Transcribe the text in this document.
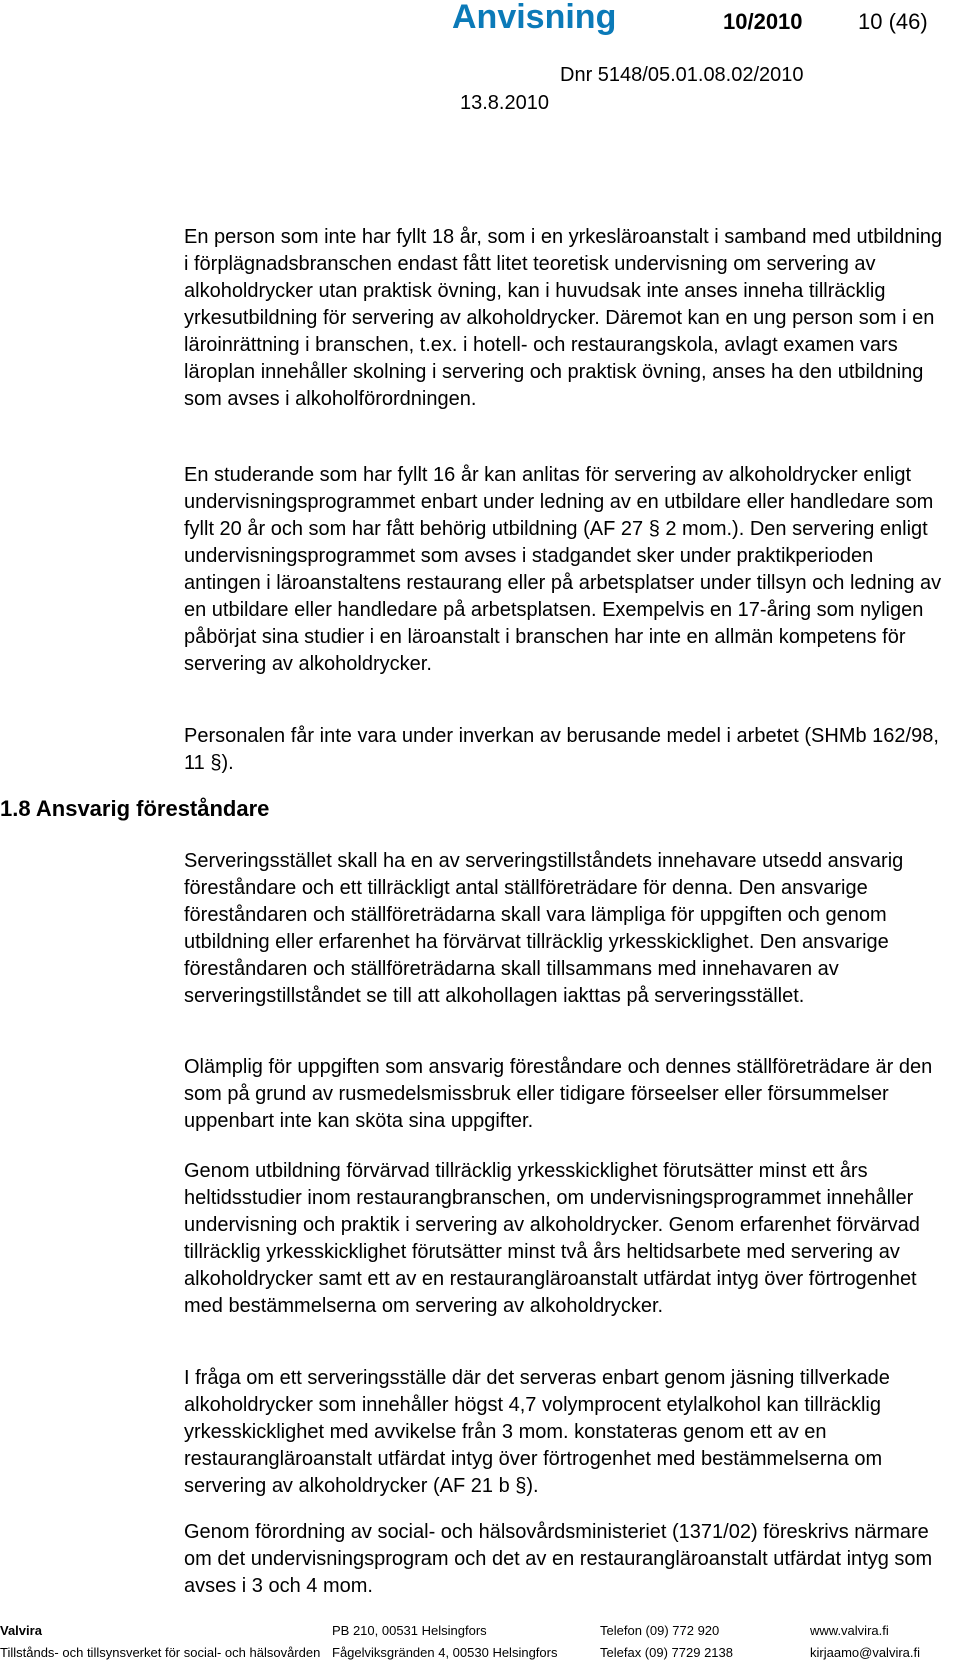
Anvisning	10/2010	10 (46)
Dnr 5148/05.01.08.02/2010
13.8.2010

En person som inte har fyllt 18 år, som i en yrkesläroanstalt i samband med utbildning i förplägnadsbranschen endast fått litet teoretisk undervisning om servering av alkoholdrycker utan praktisk övning, kan i huvudsak inte anses inneha tillräcklig yrkesutbildning för servering av alkoholdrycker. Däremot kan en ung person som i en läroinrättning i branschen, t.ex. i hotell- och restaurangskola, avlagt examen vars läroplan innehåller skolning i servering och praktisk övning, anses ha den utbildning som avses i alkoholförordningen.

En studerande som har fyllt 16 år kan anlitas för servering av alkoholdrycker enligt undervisningsprogrammet enbart under ledning av en utbildare eller handledare som fyllt 20 år och som har fått behörig utbildning (AF 27 § 2 mom.). Den servering enligt undervisningsprogrammet som avses i stadgandet sker under praktikperioden antingen i läroanstaltens restaurang eller på arbetsplatser under tillsyn och ledning av en utbildare eller handledare på arbetsplatsen. Exempelvis en 17-åring som nyligen påbörjat sina studier i en läroanstalt i branschen har inte en allmän kompetens för servering av alkoholdrycker.

Personalen får inte vara under inverkan av berusande medel i arbetet (SHMb 162/98, 11 §).

1.8 Ansvarig föreståndare

Serveringsstället skall ha en av serveringstillståndets innehavare utsedd ansvarig föreståndare och ett tillräckligt antal ställföreträdare för denna. Den ansvarige föreståndaren och ställföreträdarna skall vara lämpliga för uppgiften och genom utbildning eller erfarenhet ha förvärvat tillräcklig yrkesskicklighet. Den ansvarige föreståndaren och ställföreträdarna skall tillsammans med innehavaren av serveringstillståndet se till att alkohollagen iakttas på serveringsstället.

Olämplig för uppgiften som ansvarig föreståndare och dennes ställföreträdare är den som på grund av rusmedelsmissbruk eller tidigare förseelser eller försummelser uppenbart inte kan sköta sina uppgifter.

Genom utbildning förvärvad tillräcklig yrkesskicklighet förutsätter minst ett års heltidsstudier inom restaurangbranschen, om undervisningsprogrammet innehåller undervisning och praktik i servering av alkoholdrycker. Genom erfarenhet förvärvad tillräcklig yrkesskicklighet förutsätter minst två års heltidsarbete med servering av alkoholdrycker samt ett av en restaurangläroanstalt utfärdat intyg över förtrogenhet med bestämmelserna om servering av alkoholdrycker.

I fråga om ett serveringsställe där det serveras enbart genom jäsning tillverkade alkoholdrycker som innehåller högst 4,7 volymprocent etylalkohol kan tillräcklig yrkesskicklighet med avvikelse från 3 mom. konstateras genom ett av en restaurangläroanstalt utfärdat intyg över förtrogenhet med bestämmelserna om servering av alkoholdrycker (AF 21 b §).

Genom förordning av social- och hälsovårdsministeriet (1371/02) föreskrivs närmare om det undervisningsprogram och det av en restaurangläroanstalt utfärdat intyg som avses i 3 och 4 mom.

Valvira
Tillstånds- och tillsynsverket för social- och hälsovården
PB 210, 00531 Helsingfors
Fågelviksgränden 4, 00530 Helsingfors
Telefon (09) 772 920
Telefax (09) 7729 2138
www.valvira.fi
kirjaamo@valvira.fi
